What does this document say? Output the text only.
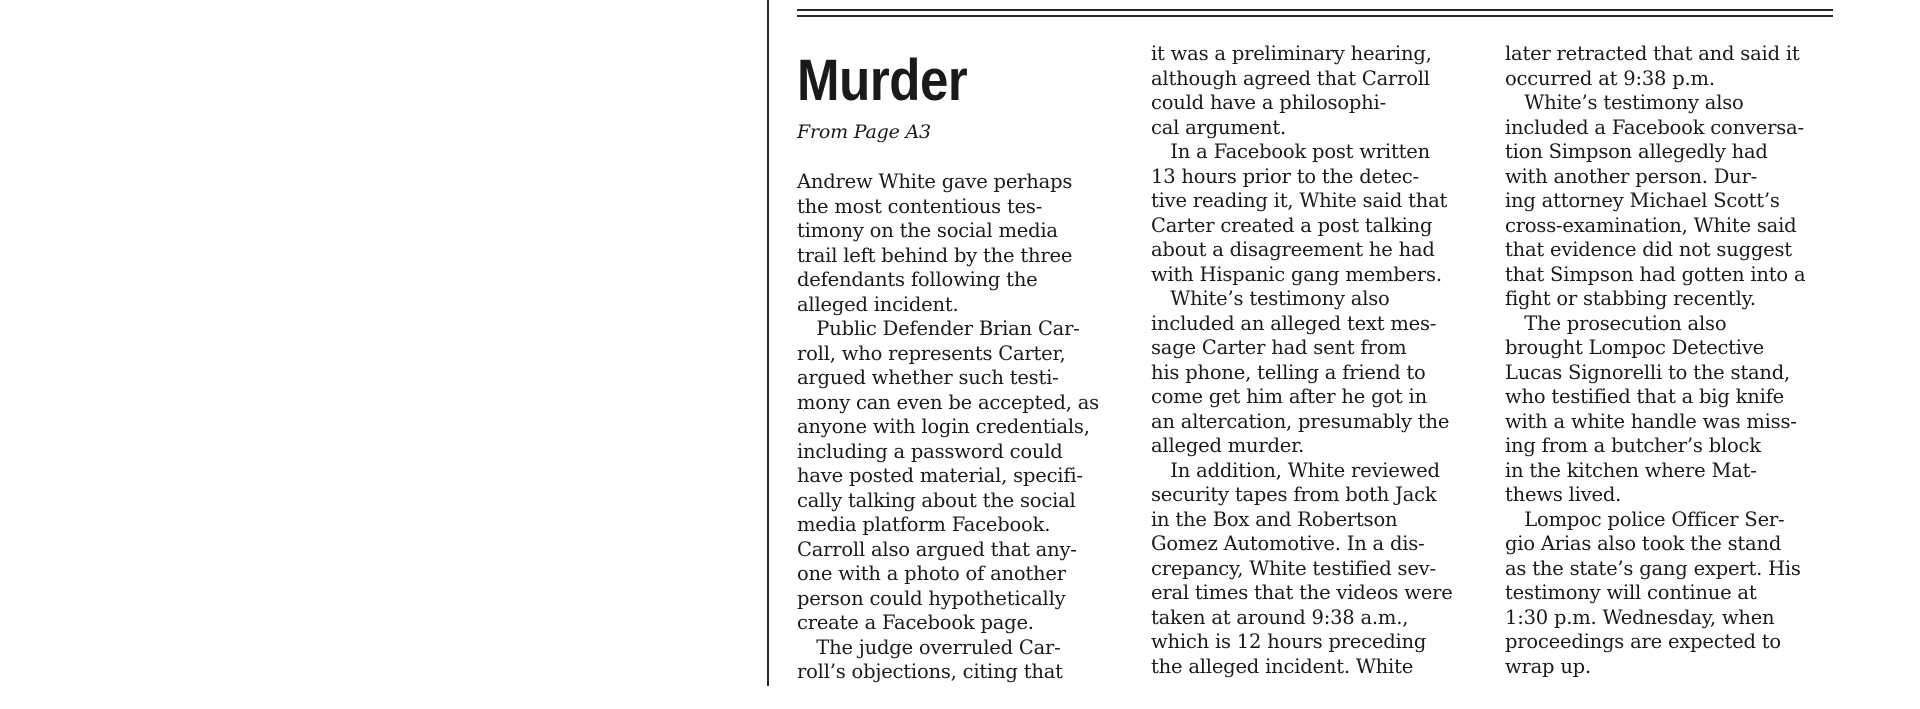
Murder
From Page A3
Andrew White gave perhaps
the most contentious tes-
timony on the social media
trail left behind by the three
defendants following the
alleged incident.
 Public Defender Brian Car-
roll, who represents Carter,
argued whether such testi-
mony can even be accepted, as
anyone with login credentials,
including a password could
have posted material, specifi-
cally talking about the social
media platform Facebook.
Carroll also argued that any-
one with a photo of another
person could hypothetically
create a Facebook page.
 The judge overruled Car-
roll’s objections, citing that
it was a preliminary hearing,
although agreed that Carroll
could have a philosophi-
cal argument.
 In a Facebook post written
13 hours prior to the detec-
tive reading it, White said that
Carter created a post talking
about a disagreement he had
with Hispanic gang members.
 White’s testimony also
included an alleged text mes-
sage Carter had sent from
his phone, telling a friend to
come get him after he got in
an altercation, presumably the
alleged murder.
 In addition, White reviewed
security tapes from both Jack
in the Box and Robertson
Gomez Automotive. In a dis-
crepancy, White testified sev-
eral times that the videos were
taken at around 9:38 a.m.,
which is 12 hours preceding
the alleged incident. White
later retracted that and said it
occurred at 9:38 p.m.
 White’s testimony also
included a Facebook conversa-
tion Simpson allegedly had
with another person. Dur-
ing attorney Michael Scott’s
cross-examination, White said
that evidence did not suggest
that Simpson had gotten into a
fight or stabbing recently.
 The prosecution also
brought Lompoc Detective
Lucas Signorelli to the stand,
who testified that a big knife
with a white handle was miss-
ing from a butcher’s block
in the kitchen where Mat-
thews lived.
 Lompoc police Officer Ser-
gio Arias also took the stand
as the state’s gang expert. His
testimony will continue at
1:30 p.m. Wednesday, when
proceedings are expected to
wrap up.
